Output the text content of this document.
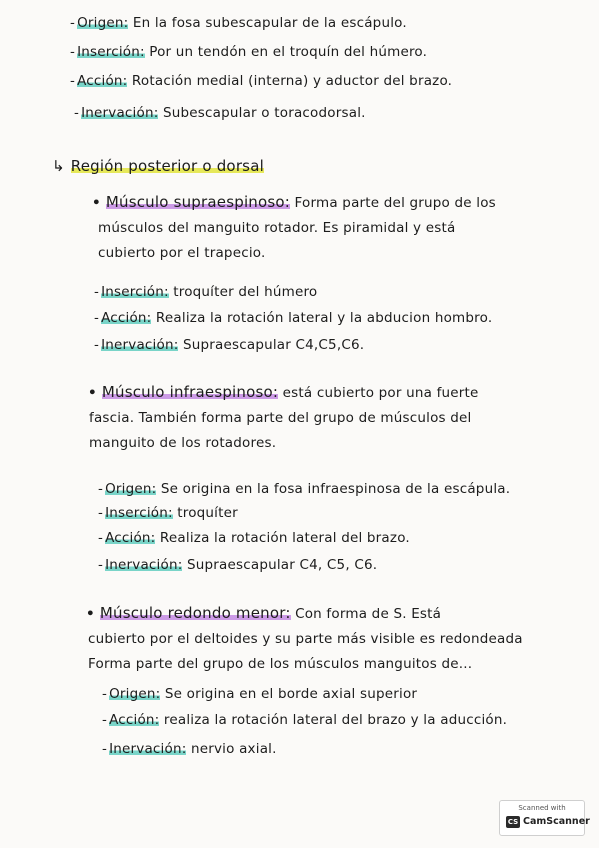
- Origen: En la fosa subescapular de la escápulo.
- Inserción: Por un tendón en el troquín del húmero.
- Acción: Rotación medial (interna) y aductor del brazo.
- Inervación: Subescapular o toracodorsal.
↳ Región posterior o dorsal
• Músculo supraespinoso: Forma parte del grupo de los
músculos del manguito rotador. Es piramidal y está
cubierto por el trapecio.
- Inserción: troquíter del húmero
- Acción: Realiza la rotación lateral y la abducion hombro.
- Inervación: Supraescapular C4,C5,C6.
• Músculo infraespinoso: está cubierto por una fuerte
fascia. También forma parte del grupo de músculos del
manguito de los rotadores.
- Origen: Se origina en la fosa infraespinosa de la escápula.
- Inserción: troquíter
- Acción: Realiza la rotación lateral del brazo.
- Inervación: Supraescapular C4, C5, C6.
• Músculo redondo menor: Con forma de S. Está
cubierto por el deltoides y su parte más visible es redondeada
Forma parte del grupo de los músculos manguitos de...
- Origen: Se origina en el borde axial superior
- Acción: realiza la rotación lateral del brazo y la aducción.
- Inervación: nervio axial.
Scanned with
CS CamScanner
